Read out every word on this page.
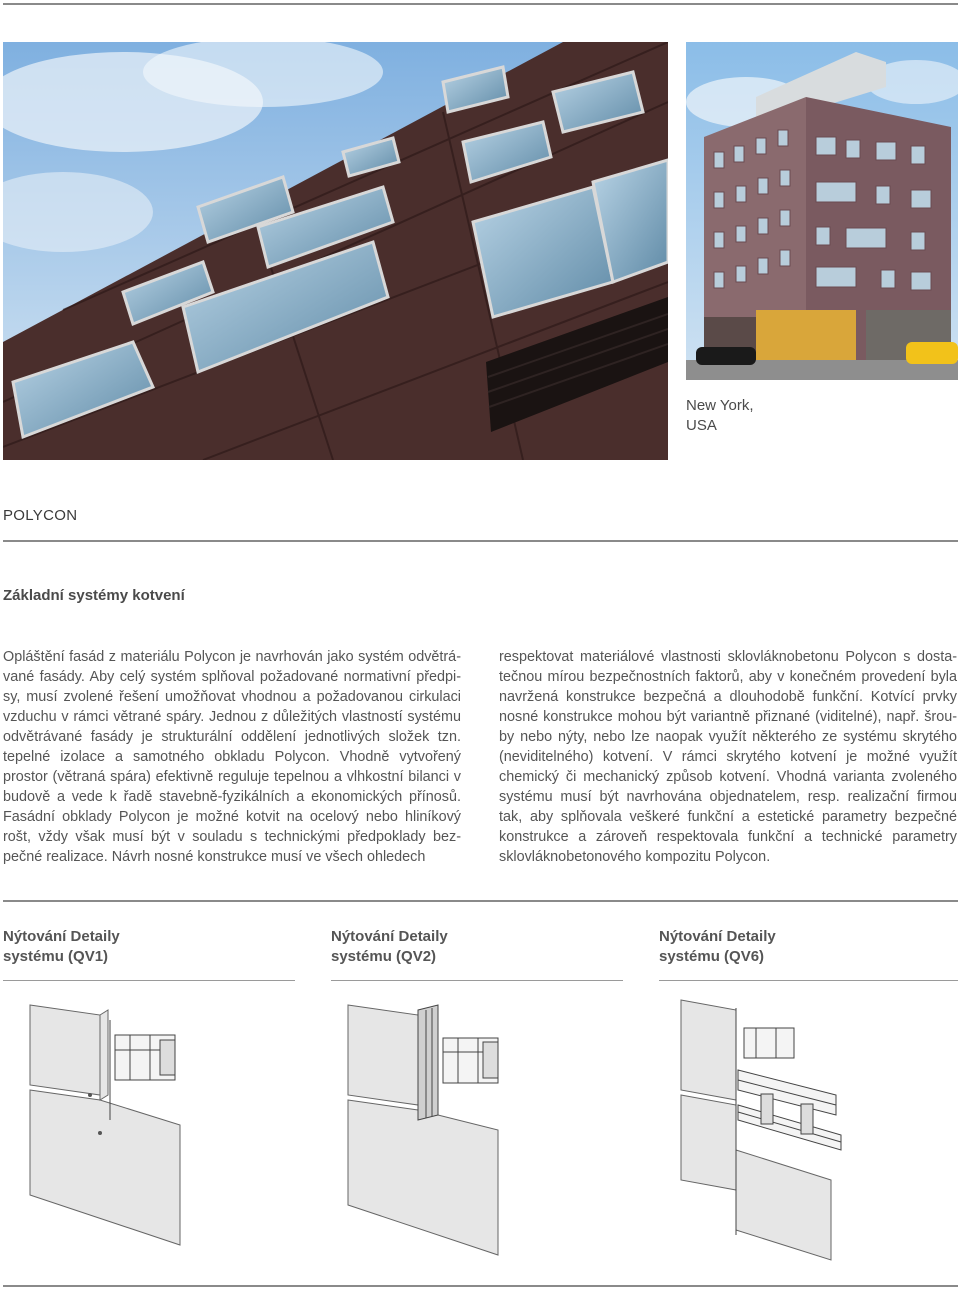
New York,
USA
POLYCON
Základní systémy kotvení

Opláštění fasád z materiálu Polycon je navrhován jako systém odvětrávané fasády. Aby celý systém splňoval požadované normativní předpisy, musí zvolené řešení umožňovat vhodnou a požadovanou cirkulaci vzduchu v rámci větrané spáry. Jednou z důležitých vlastností systému odvětrávané fasády je strukturální oddělení jednotlivých složek tzn. tepelné izolace a samotného obkladu Polycon. Vhodně vytvořený prostor (větraná spára) efektivně reguluje tepelnou a vlhkostní bilanci v budově a vede k řadě stavebně-fyzikálních a ekonomických přínosů. Fasádní obklady Polycon je možné kotvit na ocelový nebo hliníkový rošt, vždy však musí být v souladu s technickými předpoklady bezpečné realizace. Návrh nosné konstrukce musí ve všech ohledech

respektovat materiálové vlastnosti sklovláknobetonu Polycon s dostatečnou mírou bezpečnostních faktorů, aby v konečném provedení byla navržená konstrukce bezpečná a dlouhodobě funkční. Kotvící prvky nosné konstrukce mohou být variantně přiznané (viditelné), např. šrouby nebo nýty, nebo lze naopak využít některého ze systému skrytého (neviditelného) kotvení. V rámci skrytého kotvení je možné využít chemický či mechanický způsob kotvení. Vhodná varianta zvoleného systému musí být navrhována objednatelem, resp. realizační firmou tak, aby splňovala veškeré funkční a estetické parametry bezpečné konstrukce a zároveň respektovala funkční a technické parametry sklovláknobetonového kompozitu Polycon.

Nýtování Detaily
systému (QV1)
Nýtování Detaily
systému (QV2)
Nýtování Detaily
systému (QV6)
